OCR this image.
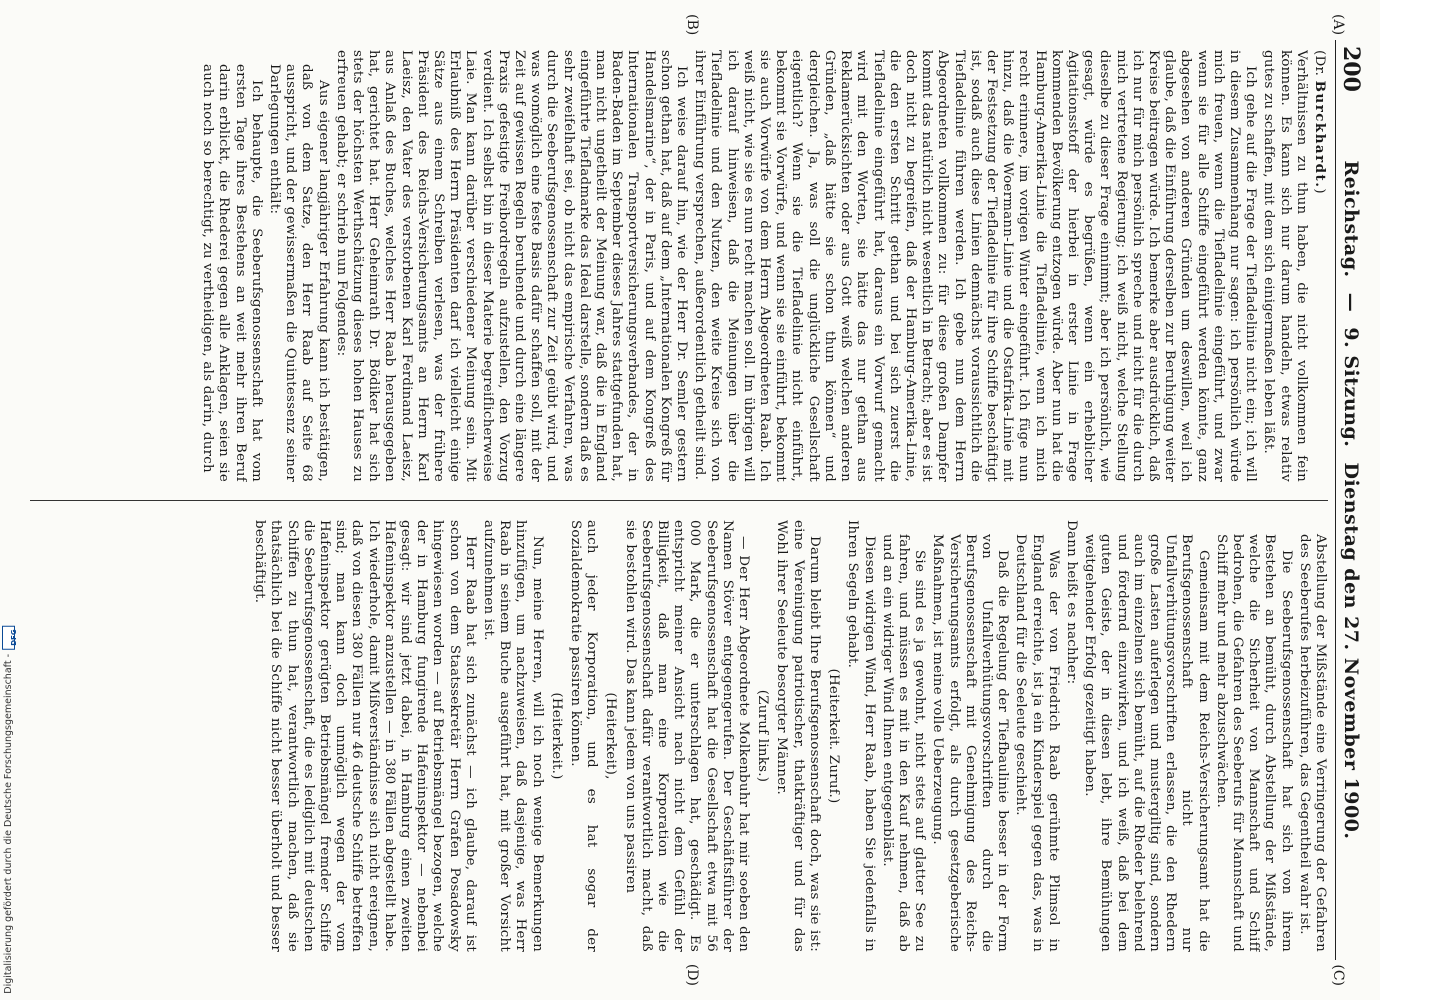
200
Reichstag. — 9. Sitzung. Dienstag den 27. November 1900.
(A)
(B)
(C)
(D)

(Dr. Burckhardt.)

Verhältnissen zu thun haben, die nicht vollkommen fein können. Es kann sich nur darum handeln, etwas relativ gutes zu schaffen, mit dem sich einigermaßen leben läßt.

Ich gehe auf die Frage der Tiefladelinie nicht ein; ich will in diesem Zusammenhang nur sagen: ich persönlich würde mich freuen, wenn die Tiefladelinie eingeführt, und zwar wenn sie für alle Schiffe eingeführt werden könnte, ganz abgesehen von anderen Gründen um deswillen, weil ich glaube, daß die Einführung derselben zur Beruhigung weiter Kreise beitragen würde. Ich bemerke aber ausdrücklich, daß ich nur für mich persönlich spreche und nicht für die durch mich vertretene Regierung; ich weiß nicht, welche Stellung dieselbe zu dieser Frage einnimmt; aber ich persönlich, wie gesagt, würde es begrüßen, wenn ein erheblicher Agitationsstoff der hierbei in erster Linie in Frage kommenden Bevölkerung entzogen würde. Aber nun hat die Hamburg-Amerika-Linie die Tiefladelinie, wenn ich mich recht erinnere, im vorigen Winter eingeführt. Ich füge nun hinzu, daß die Woermann-Linie und die Ostafrika-Linie mit der Festsetzung der Tiefladelinie für ihre Schiffe beschäftigt ist, sodaß auch diese Linien demnächst voraussichtlich die Tiefladelinie führen werden. Ich gebe nun dem Herrn Abgeordneten vollkommen zu: für diese großen Dampfer kommt das natürlich nicht wesentlich in Betracht; aber es ist doch nicht zu begreifen, daß der Hamburg-Amerika-Linie, die den ersten Schritt gethan und bei sich zuerst die Tiefladelinie eingeführt hat, daraus ein Vorwurf gemacht wird mit den Worten, sie hätte das nur gethan aus Reklamerücksichten oder aus Gott weiß welchen anderen Gründen, „daß hätte sie schon thun können“ und dergleichen. Ja, was soll die unglückliche Gesellschaft eigentlich? Wenn sie die Tiefladelinie nicht einführt, bekommt sie Vorwürfe, und wenn sie sie einführt, bekommt sie auch Vorwürfe von dem Herrn Abgeordneten Raab. Ich weiß nicht, wie sie es nun recht machen soll. Im übrigen will ich darauf hinweisen, daß die Meinungen über die Tiefladelinie und den Nutzen, den weite Kreise sich von ihrer Einführung versprechen, außerordentlich getheilt sind.

Ich weise darauf hin, wie der Herr Dr. Semler gestern schon gethan hat, daß auf dem „Internationalen Kongreß für Handelsmarine“, der in Paris, und auf dem Kongreß des Internationalen Transportversicherungsverbandes, der in Baden-Baden im September dieses Jahres stattgefunden hat, man nicht ungetheilt der Meinung war, daß die in England eingeführte Tiefladmarke das Ideal darstelle, sondern daß es sehr zweifelhaft sei, ob nicht das empirische Verfahren, was durch die Seeberufsgenossenschaft zur Zeit geübt wird, und was womöglich eine feste Basis dafür schaffen soll, mit der Zeit auf gewissen Regeln beruhende und durch eine längere Praxis gefestigte Freibordregeln aufzustellen, den Vorzug verdient. Ich selbst bin in dieser Materie begreiflicherweise Laie. Man kann darüber verschiedener Meinung sein. Mit Erlaubniß des Herrn Präsidenten darf ich vielleicht einige Sätze aus einem Schreiben verlesen, was der frühere Präsident des Reichs-Versicherungsamts an Herrn Karl Laeisz, den Vater des verstorbenen Karl Ferdinand Laeisz, aus Anlaß des Buches, welches Herr Raab herausgegeben hat, gerichtet hat. Herr Geheimrath Dr. Bödiker hat sich stets der höchsten Werthschätzung dieses hohen Hauses zu erfreuen gehabt; er schrieb nun Folgendes:

Aus eigener langjähriger Erfahrung kann ich bestätigen, daß von dem Satze, den Herr Raab auf Seite 68 ausspricht, und der gewissermaßen die Quintessenz seiner Darlegungen enthält:

Ich behaupte, die Seeberufsgenossenschaft hat vom ersten Tage ihres Bestehens an weit mehr ihren Beruf darin erblickt, die Rhederei gegen alle Anklagen, seien sie auch noch so berechtigt, zu vertheidigen, als darin, durch

Abstellung der Mißstände eine Verringerung der Gefahren des Seeberufes herbeizuführen, das Gegentheil wahr ist.

Die Seeberufsgenossenschaft hat sich von ihrem Bestehen an bemüht, durch Abstellung der Mißstände, welche die Sicherheit von Mannschaft und Schiff bedrohen, die Gefahren des Seeberufs für Mannschaft und Schiff mehr und mehr abzuschwächen.

Gemeinsam mit dem Reichs-Versicherungsamt hat die Berufsgenossenschaft nicht nur Unfallverhütungsvorschriften erlassen, die den Rhedern große Lasten auferlegen und mustergiltig sind, sondern auch im einzelnen sich bemüht, auf die Rheder belehrend und fördernd einzuwirken, und ich weiß, daß bei dem guten Geiste, der in diesen lebt, ihre Bemühungen weitgehender Erfolg gezeitigt haben.

Dann heißt es nachher:

Was der von Friedrich Raab gerühmte Plimsol in England erreichte, ist ja ein Kinderspiel gegen das, was in Deutschland für die Seeleute geschieht.

Daß die Regelung der Tiefbaulinie besser in der Form von Unfallverhütungsvorschriften durch die Berufsgenossenschaft mit Genehmigung des Reichs-Versicherungsamts erfolgt, als durch gesetzgeberische Maßnahmen, ist meine volle Ueberzeugung.

Sie sind es ja gewohnt, nicht stets auf glatter See zu fahren, und müssen es mit in den Kauf nehmen, daß ab und an ein widriger Wind Ihnen entgegenbläst.

Diesen widrigen Wind, Herr Raab, haben Sie jedenfalls in Ihren Segeln gehabt.

(Heiterkeit. Zuruf.)

Darum bleibt Ihre Berufsgenossenschaft doch, was sie ist: eine Vereinigung patriotischer, thatkräftiger und für das Wohl ihrer Seeleute besorgter Männer.

(Zuruf links.)

— Der Herr Abgeordnete Molkenbuhr hat mir soeben den Namen Stöver entgegengerufen. Der Geschäftsführer der Seeberufsgenossenschaft hat die Gesellschaft etwa mit 56 000 Mark, die er unterschlagen hat, geschädigt. Es entspricht meiner Ansicht nach nicht dem Gefühl der Billigkeit, daß man eine Korporation wie die Seeberufsgenossenschaft dafür verantwortlich macht, daß sie bestohlen wird. Das kann jedem von uns passiren

(Heiterkeit),

auch jeder Korporation, und es hat sogar der Sozialdemokratie passiren können.

(Heiterkeit.)

Nun, meine Herren, will ich noch wenige Bemerkungen hinzufügen, um nachzuweisen, daß dasjenige, was Herr Raab in seinem Buche ausgeführt hat, mit großer Vorsicht aufzunehmen ist.

Herr Raab hat sich zunächst — ich glaube, darauf ist schon von dem Staatssekretär Herrn Grafen Posadowsky hingewiesen worden — auf Betriebsmängel bezogen, welche der in Hamburg fungirende Hafeninspektor — nebenbei gesagt: wir sind jetzt dabei, in Hamburg einen zweiten Hafeninspektor anzustellen — in 380 Fällen abgestellt habe. Ich wiederhole, damit Mißverständnisse sich nicht ereignen, daß von diesen 380 Fällen nur 46 deutsche Schiffe betreffen sind; man kann doch unmöglich wegen der vom Hafeninspektor gerügten Betriebsmängel fremder Schiffe die Seeberufsgenossenschaft, die es lediglich mit deutschen Schiffen zu thun hat, verantwortlich machen, daß sie thatsächlich bei die Schiffe nicht besser überholt und besser beschäftigt.

Digitalisierung gefördert durch die Deutsche Forschungsgemeinschaft -
DFG
